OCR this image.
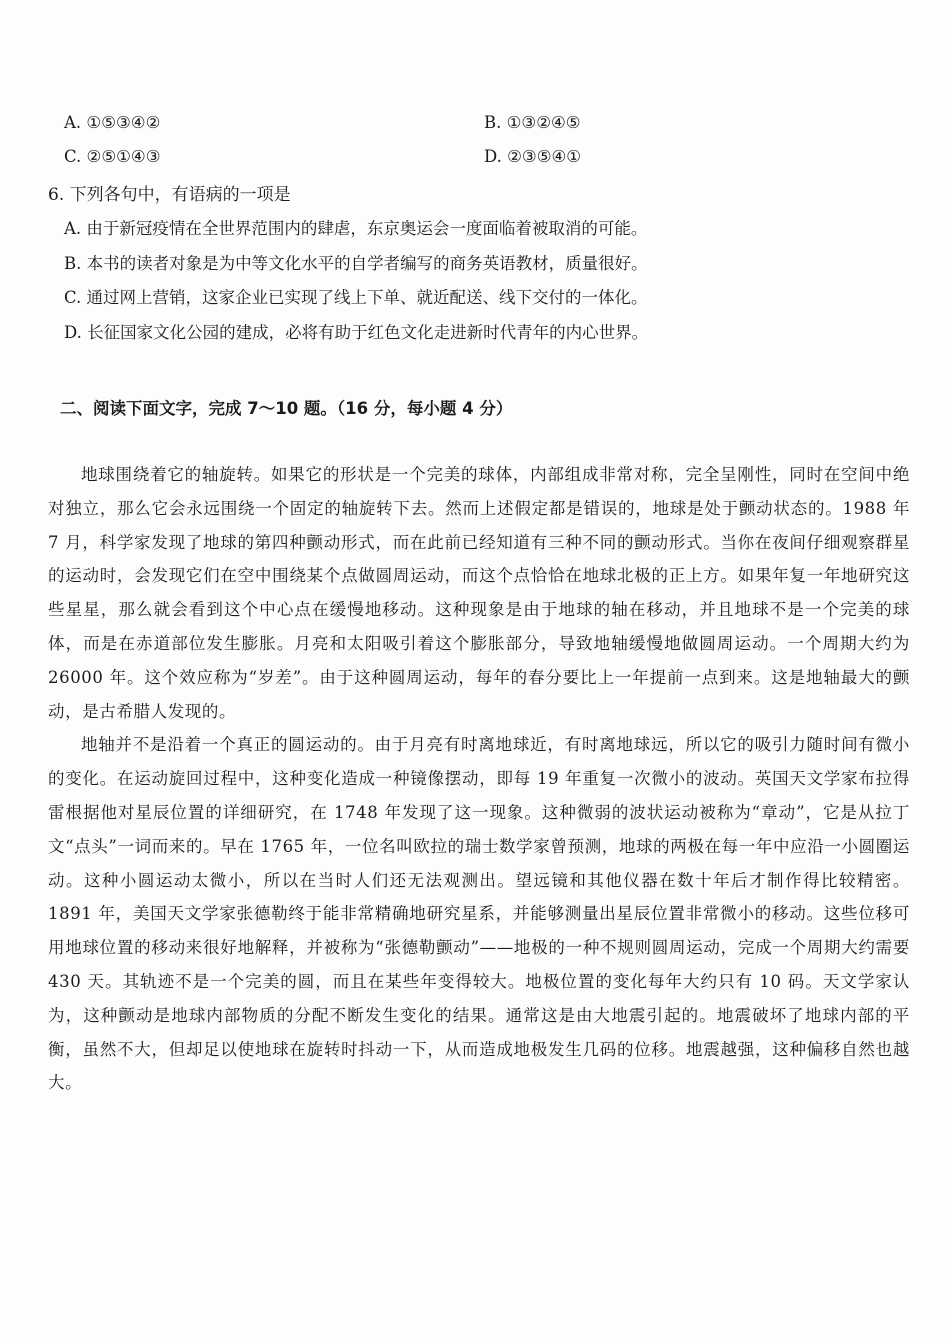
A. ①⑤③④②	B. ①③②④⑤
C. ②⑤①④③	D. ②③⑤④①
6. 下列各句中，有语病的一项是
A. 由于新冠疫情在全世界范围内的肆虐，东京奥运会一度面临着被取消的可能。
B. 本书的读者对象是为中等文化水平的自学者编写的商务英语教材，质量很好。
C. 通过网上营销，这家企业已实现了线上下单、就近配送、线下交付的一体化。
D. 长征国家文化公园的建成，必将有助于红色文化走进新时代青年的内心世界。
二、阅读下面文字，完成 7～10 题。（16 分，每小题 4 分）

地球围绕着它的轴旋转。如果它的形状是一个完美的球体，内部组成非常对称，完全呈刚性，同时在空间中绝对独立，那么它会永远围绕一个固定的轴旋转下去。然而上述假定都是错误的，地球是处于颤动状态的。1988 年 7 月，科学家发现了地球的第四种颤动形式，而在此前已经知道有三种不同的颤动形式。当你在夜间仔细观察群星的运动时，会发现它们在空中围绕某个点做圆周运动，而这个点恰恰在地球北极的正上方。如果年复一年地研究这些星星，那么就会看到这个中心点在缓慢地移动。这种现象是由于地球的轴在移动，并且地球不是一个完美的球体，而是在赤道部位发生膨胀。月亮和太阳吸引着这个膨胀部分，导致地轴缓慢地做圆周运动。一个周期大约为 26000 年。这个效应称为“岁差”。由于这种圆周运动，每年的春分要比上一年提前一点到来。这是地轴最大的颤动，是古希腊人发现的。

地轴并不是沿着一个真正的圆运动的。由于月亮有时离地球近，有时离地球远，所以它的吸引力随时间有微小的变化。在运动旋回过程中，这种变化造成一种镜像摆动，即每 19 年重复一次微小的波动。英国天文学家布拉得雷根据他对星辰位置的详细研究，在 1748 年发现了这一现象。这种微弱的波状运动被称为“章动”，它是从拉丁文“点头”一词而来的。早在 1765 年，一位名叫欧拉的瑞士数学家曾预测，地球的两极在每一年中应沿一小圆圈运动。这种小圆运动太微小，所以在当时人们还无法观测出。望远镜和其他仪器在数十年后才制作得比较精密。1891 年，美国天文学家张德勒终于能非常精确地研究星系，并能够测量出星辰位置非常微小的移动。这些位移可用地球位置的移动来很好地解释，并被称为“张德勒颤动”——地极的一种不规则圆周运动，完成一个周期大约需要 430 天。其轨迹不是一个完美的圆，而且在某些年变得较大。地极位置的变化每年大约只有 10 码。天文学家认为，这种颤动是地球内部物质的分配不断发生变化的结果。通常这是由大地震引起的。地震破坏了地球内部的平衡，虽然不大，但却足以使地球在旋转时抖动一下，从而造成地极发生几码的位移。地震越强，这种偏移自然也越大。
